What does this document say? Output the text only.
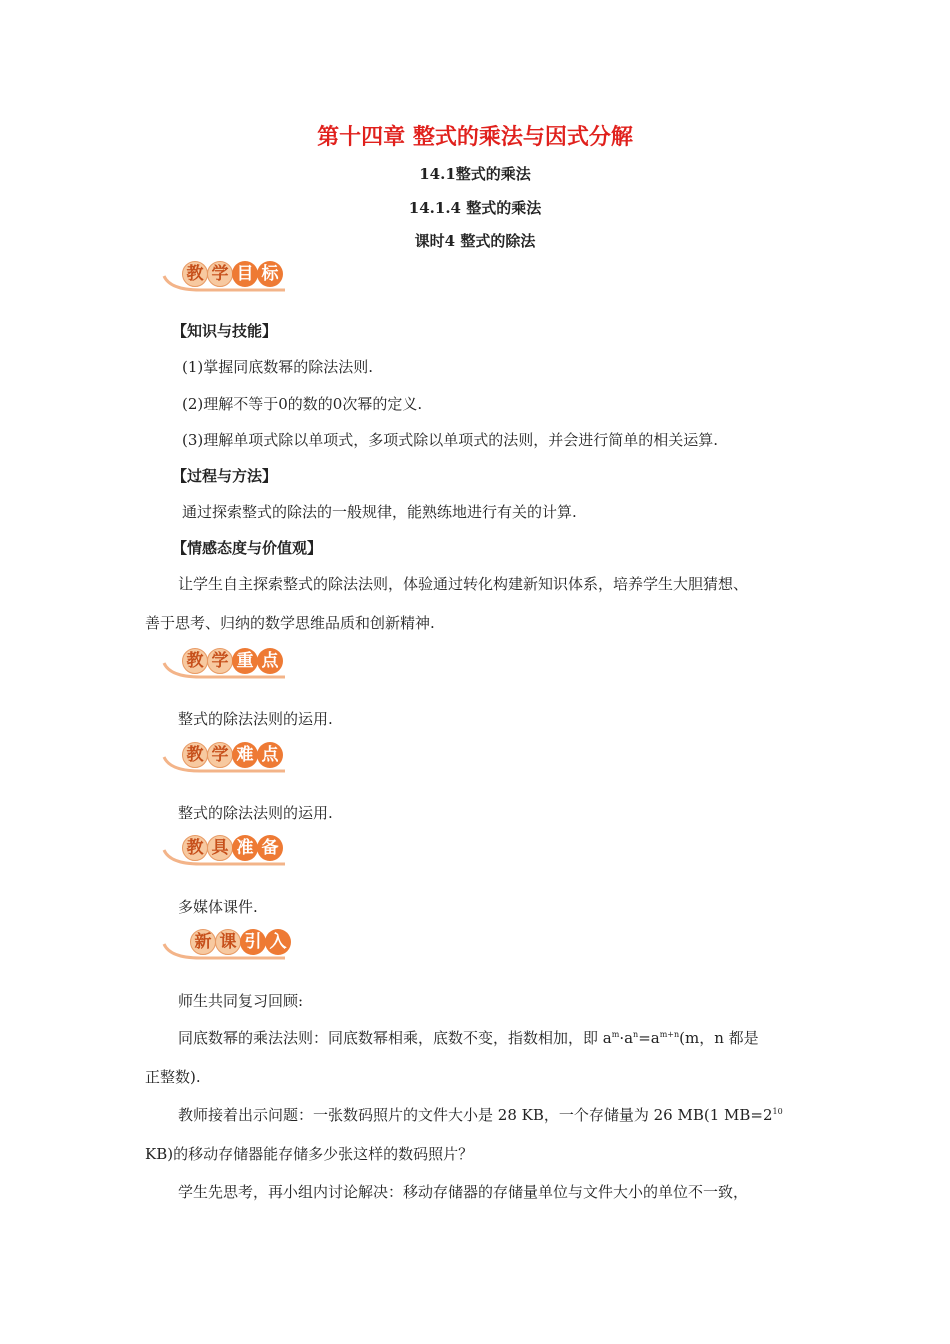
第十四章 整式的乘法与因式分解
14.1整式的乘法
14.1.4 整式的乘法
课时4 整式的除法
教 学 目 标
【知识与技能】
(1)掌握同底数幂的除法法则.
(2)理解不等于0的数的0次幂的定义.
(3)理解单项式除以单项式，多项式除以单项式的法则，并会进行简单的相关运算.
【过程与方法】
通过探索整式的除法的一般规律，能熟练地进行有关的计算.
【情感态度与价值观】
让学生自主探索整式的除法法则，体验通过转化构建新知识体系，培养学生大胆猜想、
善于思考、归纳的数学思维品质和创新精神.
教 学 重 点
整式的除法法则的运用.
教 学 难 点
整式的除法法则的运用.
教 具 准 备
多媒体课件.
新 课 引 入
师生共同复习回顾:
同底数幂的乘法法则：同底数幂相乘，底数不变，指数相加，即 $a^m\cdot a^n=a^{m+n}(m$，n 都是
正整数).
教师接着出示问题：一张数码照片的文件大小是 28 KB，一个存储量为 26 MB(1 $MB=2^{10}$
KB)的移动存储器能存储多少张这样的数码照片？
学生先思考，再小组内讨论解决：移动存储器的存储量单位与文件大小的单位不一致，
